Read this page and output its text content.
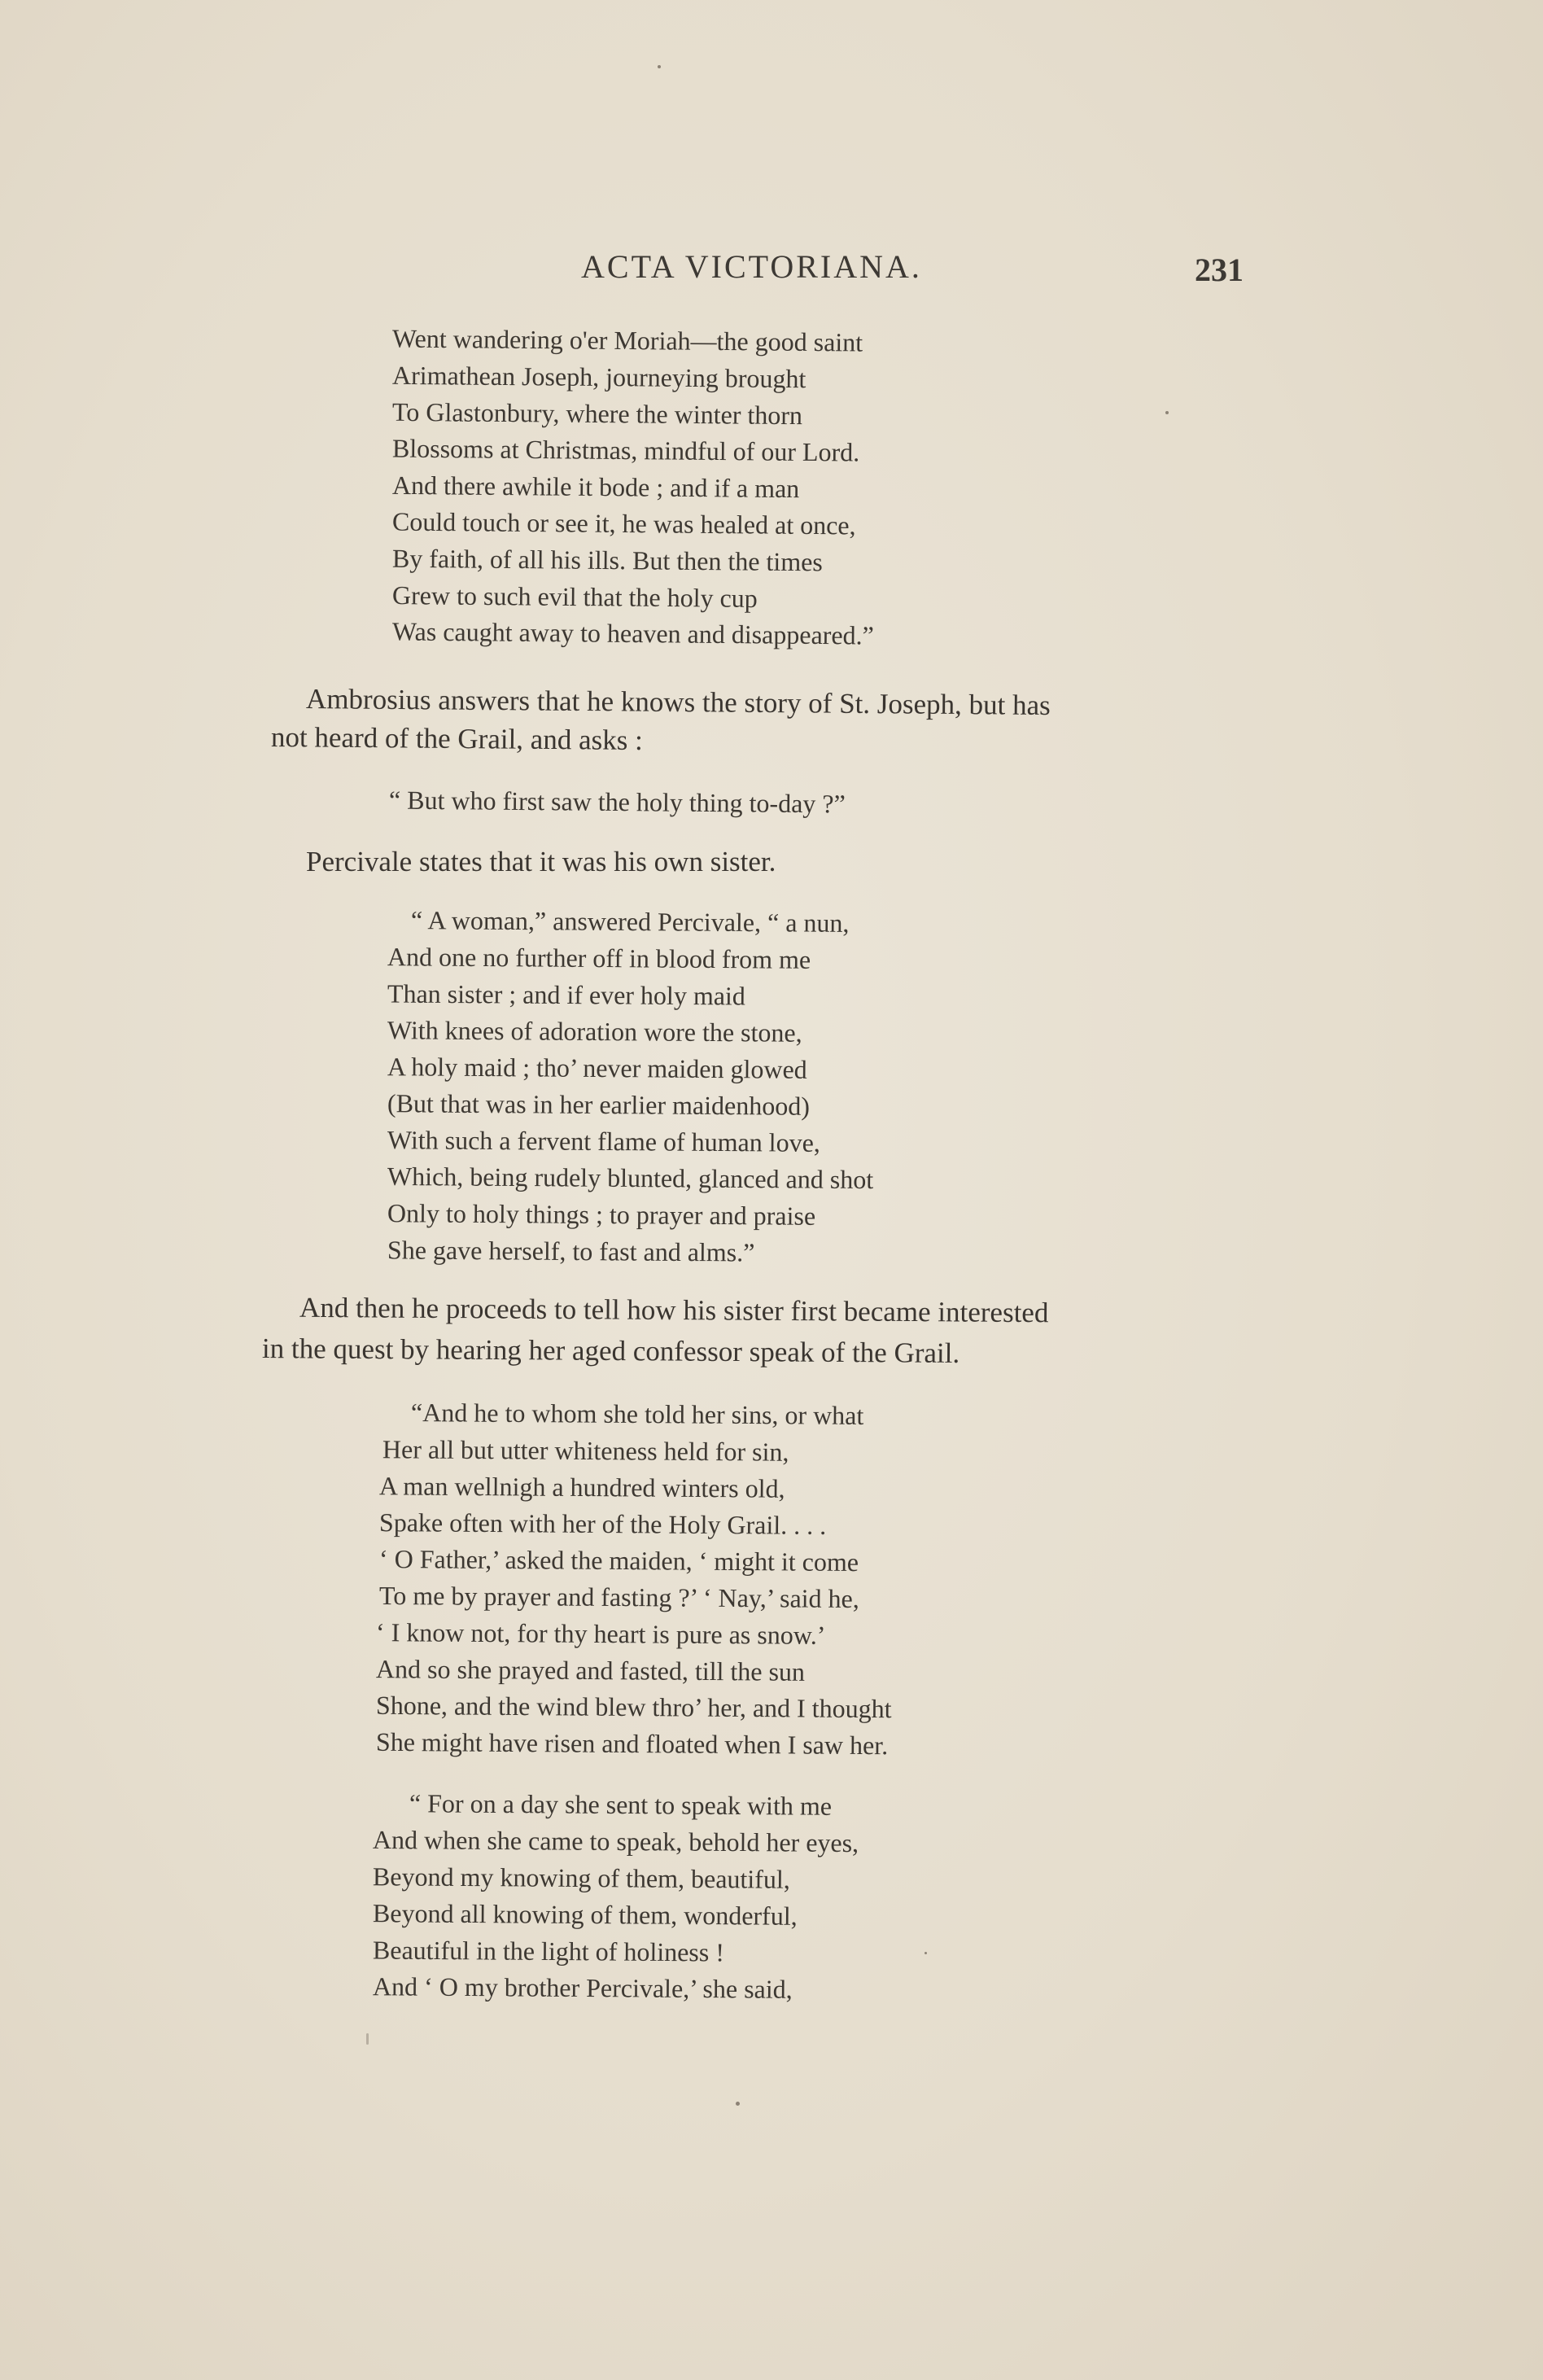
ACTA VICTORIANA.	231
Went wandering o'er Moriah—the good saint
Arimathean Joseph, journeying brought
To Glastonbury, where the winter thorn
Blossoms at Christmas, mindful of our Lord.
And there awhile it bode ; and if a man
Could touch or see it, he was healed at once,
By faith, of all his ills. But then the times
Grew to such evil that the holy cup
Was caught away to heaven and disappeared.”
Ambrosius answers that he knows the story of St. Joseph, but has
not heard of the Grail, and asks :
“ But who first saw the holy thing to-day ?”
Percivale states that it was his own sister.
“ A woman,” answered Percivale, “ a nun,
And one no further off in blood from me
Than sister ; and if ever holy maid
With knees of adoration wore the stone,
A holy maid ; tho’ never maiden glowed
(But that was in her earlier maidenhood)
With such a fervent flame of human love,
Which, being rudely blunted, glanced and shot
Only to holy things ; to prayer and praise
She gave herself, to fast and alms.”
And then he proceeds to tell how his sister first became interested
in the quest by hearing her aged confessor speak of the Grail.
“And he to whom she told her sins, or what
Her all but utter whiteness held for sin,
A man wellnigh a hundred winters old,
Spake often with her of the Holy Grail. . . .
‘ O Father,’ asked the maiden, ‘ might it come
To me by prayer and fasting ?’ ‘ Nay,’ said he,
‘ I know not, for thy heart is pure as snow.’
And so she prayed and fasted, till the sun
Shone, and the wind blew thro’ her, and I thought
She might have risen and floated when I saw her.
“ For on a day she sent to speak with me
And when she came to speak, behold her eyes,
Beyond my knowing of them, beautiful,
Beyond all knowing of them, wonderful,
Beautiful in the light of holiness !
And ‘ O my brother Percivale,’ she said,
